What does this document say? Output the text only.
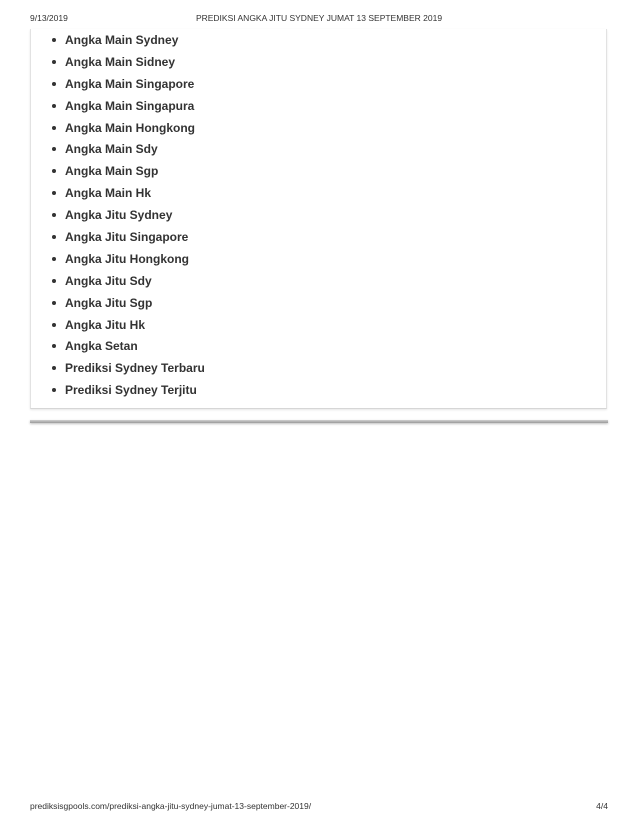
9/13/2019	PREDIKSI ANGKA JITU SYDNEY JUMAT 13 SEPTEMBER 2019
Angka Main Sydney
Angka Main Sidney
Angka Main Singapore
Angka Main Singapura
Angka Main Hongkong
Angka Main Sdy
Angka Main Sgp
Angka Main Hk
Angka Jitu Sydney
Angka Jitu Singapore
Angka Jitu Hongkong
Angka Jitu Sdy
Angka Jitu Sgp
Angka Jitu Hk
Angka Setan
Prediksi Sydney Terbaru
Prediksi Sydney Terjitu
prediksisgpools.com/prediksi-angka-jitu-sydney-jumat-13-september-2019/	4/4
